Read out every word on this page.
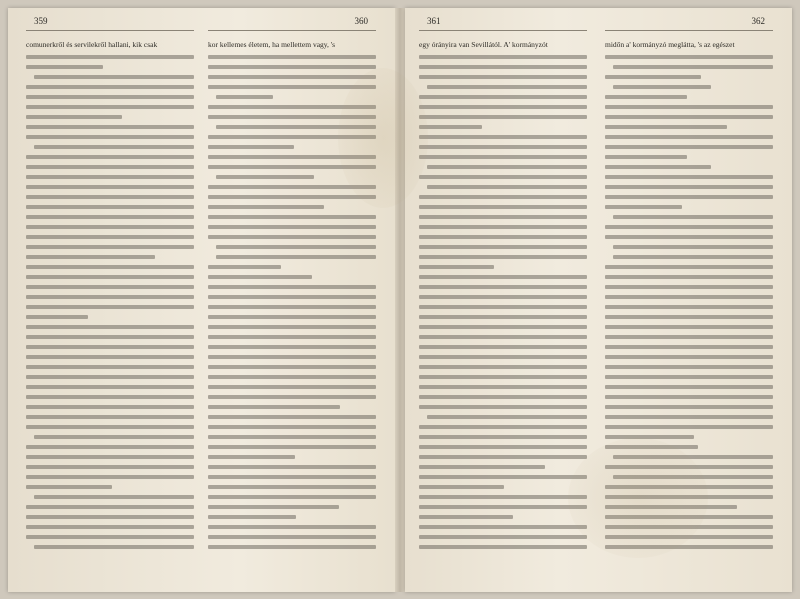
359
comunerkről és servilekről hallani, kik csak
360
kor kellemes életem, ha mellettem vagy, 's
361
egy órányira van Sevillától. A' kormányzót
362
midőn a' kormányzó meglátta, 's az egészet
